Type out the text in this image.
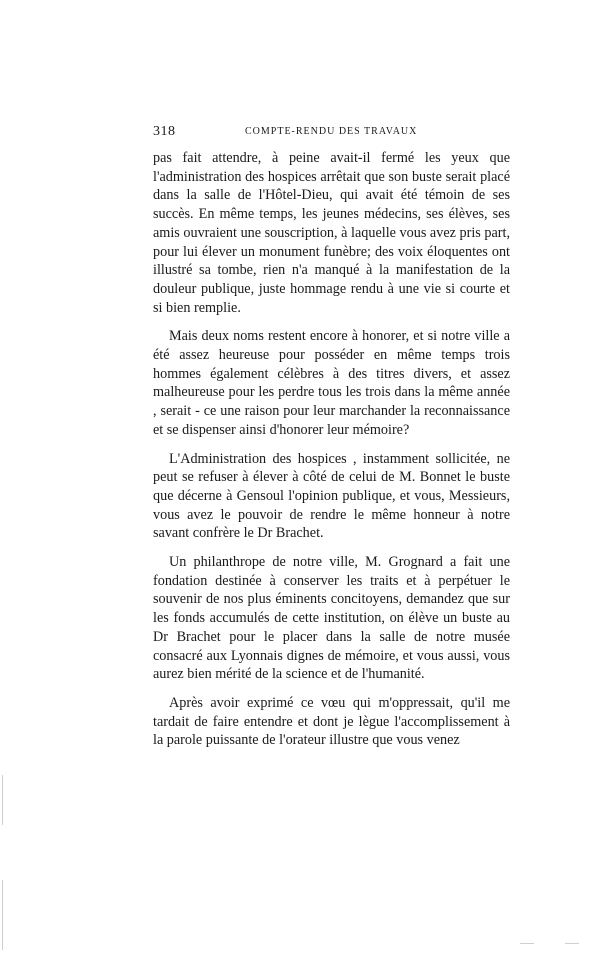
318	COMPTE-RENDU DES TRAVAUX

pas fait attendre, à peine avait-il fermé les yeux que l'administration des hospices arrêtait que son buste serait placé dans la salle de l'Hôtel-Dieu, qui avait été témoin de ses succès. En même temps, les jeunes médecins, ses élèves, ses amis ouvraient une souscription, à laquelle vous avez pris part, pour lui élever un monument funèbre; des voix éloquentes ont illustré sa tombe, rien n'a manqué à la manifestation de la douleur publique, juste hommage rendu à une vie si courte et si bien remplie.

Mais deux noms restent encore à honorer, et si notre ville a été assez heureuse pour posséder en même temps trois hommes également célèbres à des titres divers, et assez malheureuse pour les perdre tous les trois dans la même année , serait - ce une raison pour leur marchander la reconnaissance et se dispenser ainsi d'honorer leur mémoire?

L'Administration des hospices , instamment sollicitée, ne peut se refuser à élever à côté de celui de M. Bonnet le buste que décerne à Gensoul l'opinion publique, et vous, Messieurs, vous avez le pouvoir de rendre le même honneur à notre savant confrère le Dr Brachet.

Un philanthrope de notre ville, M. Grognard a fait une fondation destinée à conserver les traits et à perpétuer le souvenir de nos plus éminents concitoyens, demandez que sur les fonds accumulés de cette institution, on élève un buste au Dr Brachet pour le placer dans la salle de notre musée consacré aux Lyonnais dignes de mémoire, et vous aussi, vous aurez bien mérité de la science et de l'humanité.

Après avoir exprimé ce vœu qui m'oppressait, qu'il me tardait de faire entendre et dont je lègue l'accomplissement à la parole puissante de l'orateur illustre que vous venez
